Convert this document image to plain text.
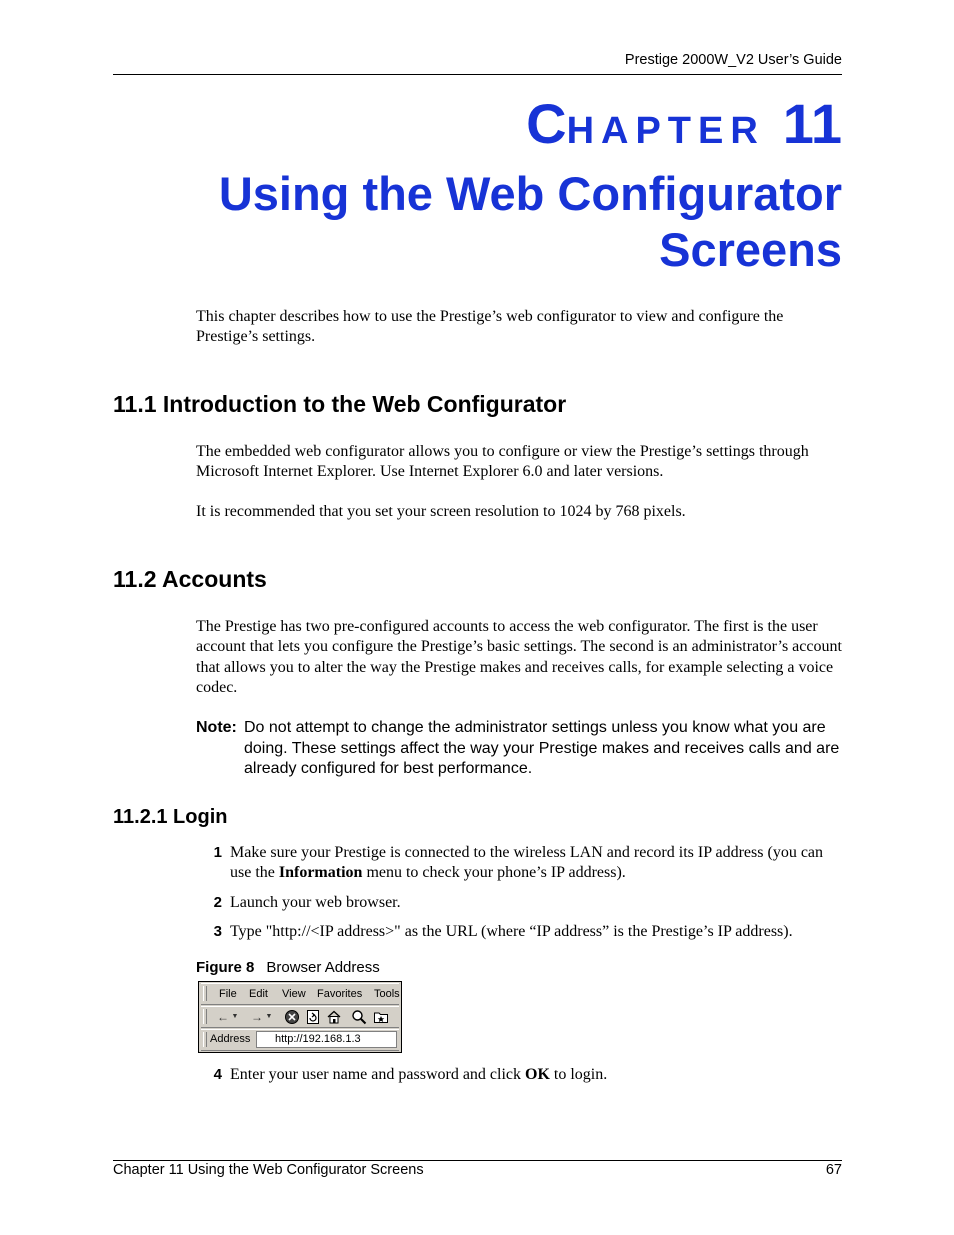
Prestige 2000W_V2 User’s Guide
CHAPTER 11
Using the Web Configurator
Screens
This chapter describes how to use the Prestige’s web configurator to view and configure the Prestige’s settings.
11.1 Introduction to the Web Configurator
The embedded web configurator allows you to configure or view the Prestige’s settings through Microsoft Internet Explorer. Use Internet Explorer 6.0 and later versions.
It is recommended that you set your screen resolution to 1024 by 768 pixels.
11.2 Accounts
The Prestige has two pre-configured accounts to access the web configurator. The first is the user account that lets you configure the Prestige’s basic settings. The second is an administrator’s account that allows you to alter the way the Prestige makes and receives calls, for example selecting a voice codec.
Note: Do not attempt to change the administrator settings unless you know what you are doing. These settings affect the way your Prestige makes and receives calls and are already configured for best performance.
11.2.1 Login
1 Make sure your Prestige is connected to the wireless LAN and record its IP address (you can use the Information menu to check your phone’s IP address).
2 Launch your web browser.
3 Type "http://<IP address>" as the URL (where “IP address” is the Prestige’s IP address).
Figure 8 Browser Address
File Edit View Favorites Tools
← ▼ → ▼
Address http://192.168.1.3
4 Enter your user name and password and click OK to login.
Chapter 11 Using the Web Configurator Screens	67
